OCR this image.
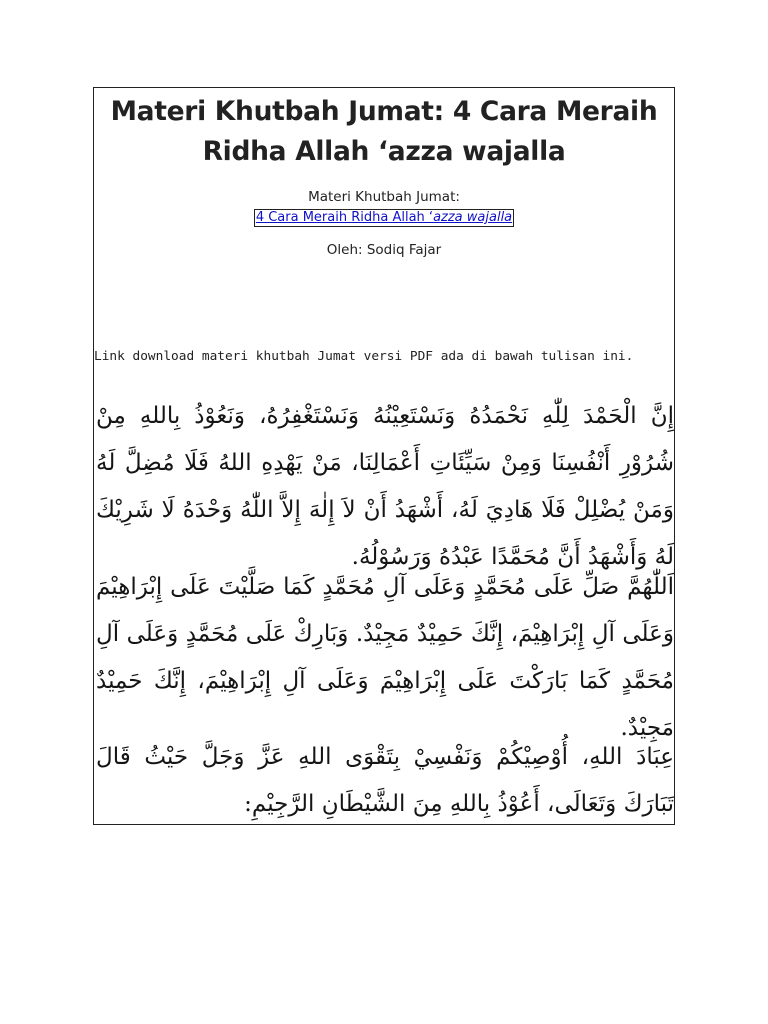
Materi Khutbah Jumat: 4 Cara Meraih Ridha Allah ‘azza wajalla
Materi Khutbah Jumat:
4 Cara Meraih Ridha Allah ‘azza wajalla
Oleh: Sodiq Fajar

Link download materi khutbah Jumat versi PDF ada di bawah tulisan ini.

إِنَّ الْحَمْدَ لِلّٰهِ نَحْمَدُهُ وَنَسْتَعِيْنُهُ وَنَسْتَغْفِرُهُ، وَنَعُوْذُ بِاللهِ مِنْ شُرُوْرِ أَنْفُسِنَا وَمِنْ سَيِّئَاتِ أَعْمَالِنَا، مَنْ يَهْدِهِ اللهُ فَلَا مُضِلَّ لَهُ وَمَنْ يُضْلِلْ فَلَا هَادِيَ لَهُ، أَشْهَدُ أَنْ لاَ إِلٰهَ إِلاَّ اللّٰهُ وَحْدَهُ لَا شَرِيْكَ لَهُ وَأَشْهَدُ أَنَّ مُحَمَّدًا عَبْدُهُ وَرَسُوْلُهُ.

اَللّٰهُمَّ صَلِّ عَلَى مُحَمَّدٍ وَعَلَى آلِ مُحَمَّدٍ كَمَا صَلَّيْتَ عَلَى إِبْرَاهِيْمَ وَعَلَى آلِ إِبْرَاهِيْمَ، إِنَّكَ حَمِيْدٌ مَجِيْدٌ. وَبَارِكْ عَلَى مُحَمَّدٍ وَعَلَى آلِ مُحَمَّدٍ كَمَا بَارَكْتَ عَلَى إِبْرَاهِيْمَ وَعَلَى آلِ إِبْرَاهِيْمَ، إِنَّكَ حَمِيْدٌ مَجِيْدٌ.

عِبَادَ اللهِ، أُوْصِيْكُمْ وَنَفْسِيْ بِتَقْوَى اللهِ عَزَّ وَجَلَّ حَيْثُ قَالَ تَبَارَكَ وَتَعَالَى، أَعُوْذُ بِاللهِ مِنَ الشَّيْطَانِ الرَّجِيْمِ:
